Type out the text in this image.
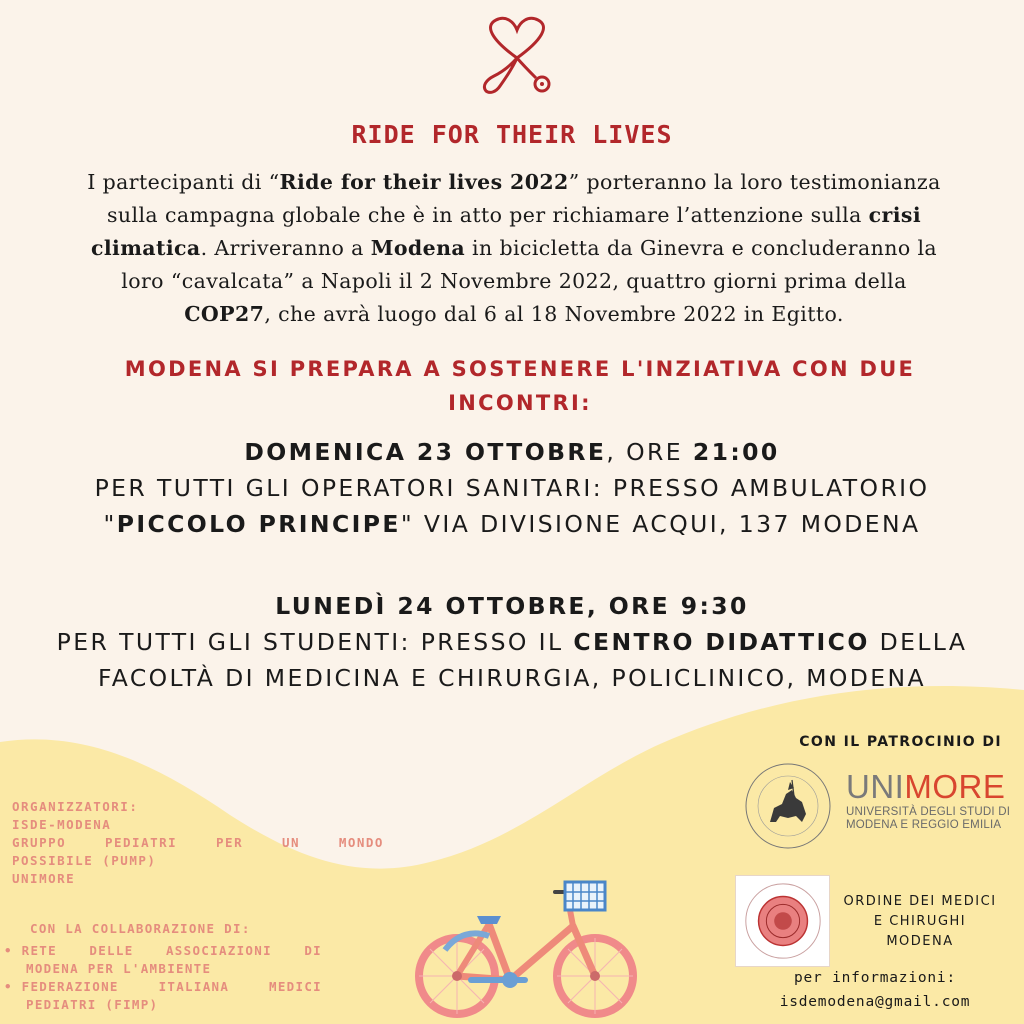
RIDE FOR THEIR LIVES
I partecipanti di “Ride for their lives 2022” porteranno la loro testimonianza
sulla campagna globale che è in atto per richiamare l’attenzione sulla crisi
climatica. Arriveranno a Modena in bicicletta da Ginevra e concluderanno la
loro “cavalcata” a Napoli il 2 Novembre 2022, quattro giorni prima della
COP27, che avrà luogo dal 6 al 18 Novembre 2022 in Egitto.
MODENA SI PREPARA A SOSTENERE L'INZIATIVA CON DUE
INCONTRI:
DOMENICA 23 OTTOBRE, ORE 21:00
PER TUTTI GLI OPERATORI SANITARI: PRESSO AMBULATORIO
"PICCOLO PRINCIPE" VIA DIVISIONE ACQUI, 137 MODENA
LUNEDÌ 24 OTTOBRE, ORE 9:30
PER TUTTI GLI STUDENTI: PRESSO IL CENTRO DIDATTICO DELLA
FACOLTÀ DI MEDICINA E CHIRURGIA, POLICLINICO, MODENA
CON IL PATROCINIO DI
UNIMORE
UNIVERSITÀ DEGLI STUDI DI
MODENA E REGGIO EMILIA
ORDINE DEI MEDICI
E CHIRUGHI
MODENA
per informazioni:
isdemodena@gmail.com
ORGANIZZATORI:
ISDE-MODENA
GRUPPO	PEDIATRI	PER	UN	MONDO
POSSIBILE (PUMP)
UNIMORE
CON LA COLLABORAZIONE DI:
• RETE	DELLE	ASSOCIAZIONI	DI
MODENA PER L'AMBIENTE
• FEDERAZIONE	ITALIANA	MEDICI
PEDIATRI (FIMP)
